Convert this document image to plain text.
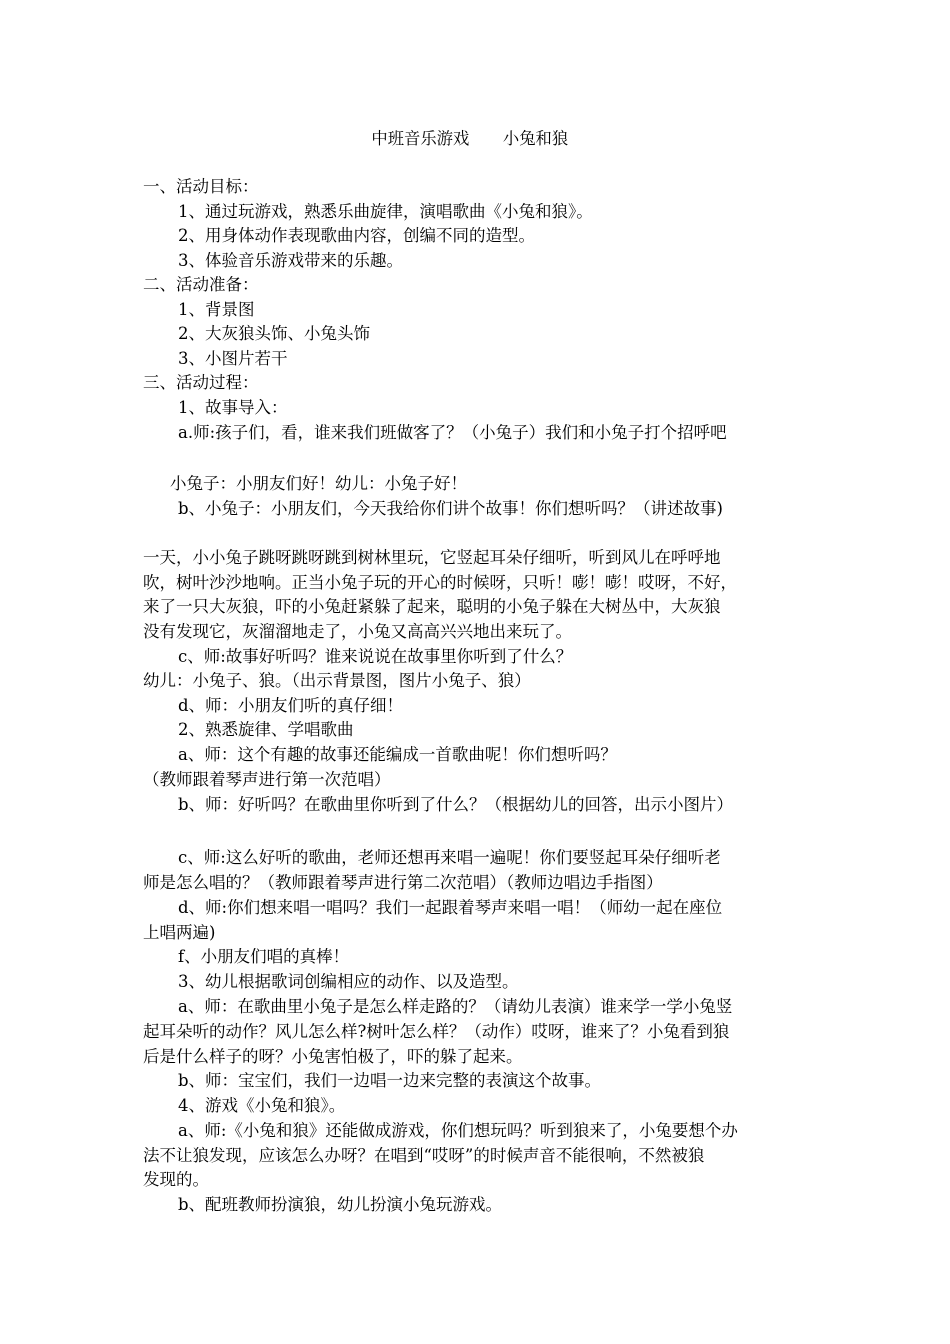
中班音乐游戏 小兔和狼
一、活动目标：
1、通过玩游戏，熟悉乐曲旋律，演唱歌曲《小兔和狼》。
2、用身体动作表现歌曲内容，创编不同的造型。
3、体验音乐游戏带来的乐趣。
二、活动准备：
1、背景图
2、大灰狼头饰、小兔头饰
3、小图片若干
三、活动过程：
1、故事导入：
a.师:孩子们，看，谁来我们班做客了？（小兔子）我们和小兔子打个招呼吧
小兔子：小朋友们好！幼儿：小兔子好！
b、小兔子：小朋友们，今天我给你们讲个故事！你们想听吗？（讲述故事)
一天，小小兔子跳呀跳呀跳到树林里玩，它竖起耳朵仔细听，听到风儿在呼呼地
吹，树叶沙沙地响。正当小兔子玩的开心的时候呀，只听！嘭！嘭！哎呀，不好，
来了一只大灰狼，吓的小兔赶紧躲了起来，聪明的小兔子躲在大树丛中，大灰狼
没有发现它，灰溜溜地走了，小兔又高高兴兴地出来玩了。
c、师:故事好听吗？谁来说说在故事里你听到了什么？
幼儿：小兔子、狼。（出示背景图，图片小兔子、狼）
d、师：小朋友们听的真仔细！
2、熟悉旋律、学唱歌曲
a、师：这个有趣的故事还能编成一首歌曲呢！你们想听吗？
（教师跟着琴声进行第一次范唱）
b、师：好听吗？在歌曲里你听到了什么？（根据幼儿的回答，出示小图片）
c、师:这么好听的歌曲，老师还想再来唱一遍呢！你们要竖起耳朵仔细听老
师是怎么唱的？（教师跟着琴声进行第二次范唱）（教师边唱边手指图）
d、师:你们想来唱一唱吗？我们一起跟着琴声来唱一唱！（师幼一起在座位
上唱两遍)
f、小朋友们唱的真棒！
3、幼儿根据歌词创编相应的动作、以及造型。
a、师：在歌曲里小兔子是怎么样走路的？（请幼儿表演）谁来学一学小兔竖
起耳朵听的动作？风儿怎么样?树叶怎么样？（动作）哎呀，谁来了？小兔看到狼
后是什么样子的呀？小兔害怕极了，吓的躲了起来。
b、师：宝宝们，我们一边唱一边来完整的表演这个故事。
4、游戏《小兔和狼》。
a、师:《小兔和狼》还能做成游戏，你们想玩吗？听到狼来了，小兔要想个办
法不让狼发现，应该怎么办呀？在唱到“哎呀”的时候声音不能很响，不然被狼
发现的。
b、配班教师扮演狼，幼儿扮演小兔玩游戏。
